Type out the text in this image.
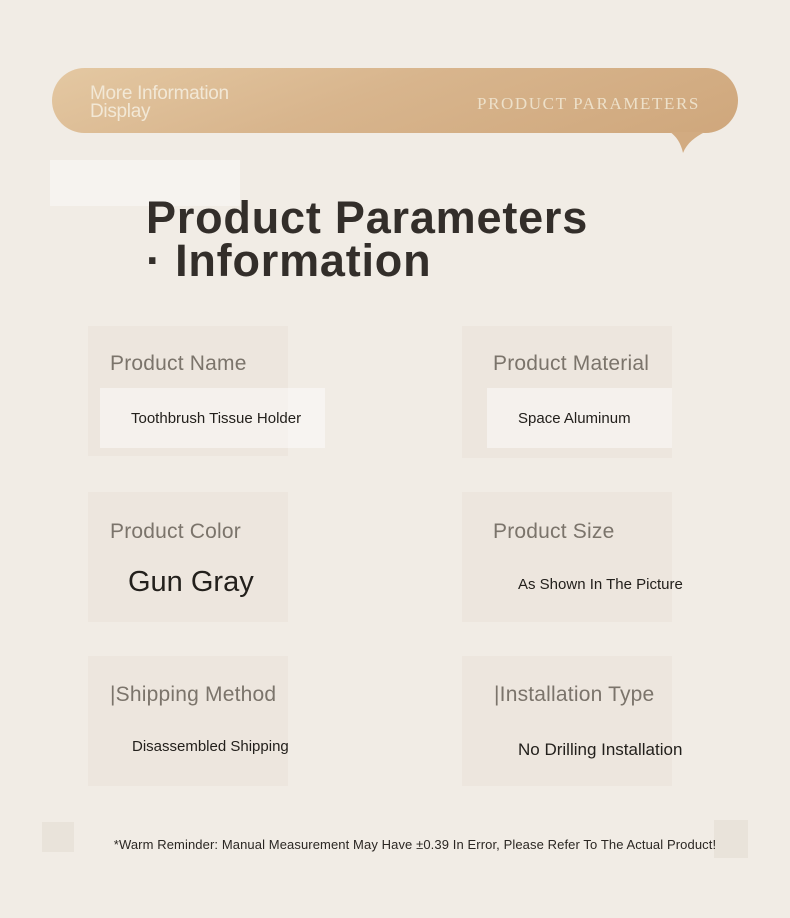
More Information
Display	PRODUCT PARAMETERS
Product Parameters
· Information
Product Name
Toothbrush Tissue Holder
Product Material
Space Aluminum
Product Color
Gun Gray
Product Size
As Shown In The Picture
|Shipping Method
Disassembled Shipping
|Installation Type
No Drilling Installation
*Warm Reminder: Manual Measurement May Have ±0.39 In Error, Please Refer To The Actual Product!
